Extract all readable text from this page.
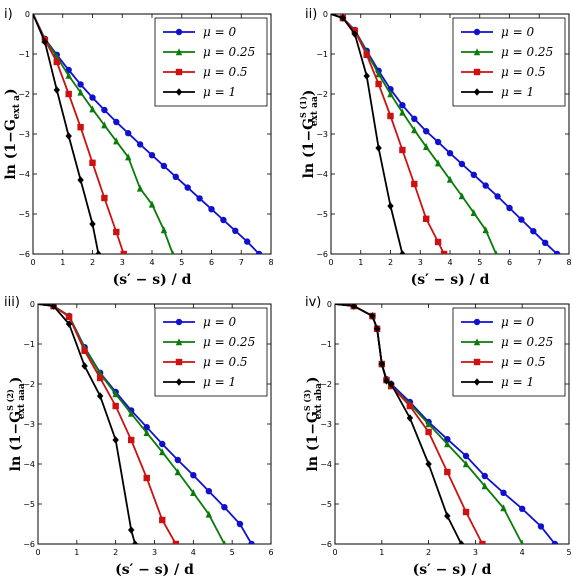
i)
0	1	2	3	4	5	6	7	8
0
−1
−2
−3
−4
−5
−6
(s′ − s) / d
$\ln (1-G_{ext a})$
μ = 0
μ = 0.25
μ = 0.5
μ = 1
ii)
0	1	2	3	4	5	6	7	8
0
−1
−2
−3
−4
−5
−6
(s′ − s) / d
$\ln (1-G^{S (1)}$ ext aa)
μ = 0
μ = 0.25
μ = 0.5
μ = 1
iii)
0	1	2	3	4	5	6
0
−1
−2
−3
−4
−5
−6
(s′ − s) / d
$\ln (1-G^{S (2)}$ ext aaa)
μ = 0
μ = 0.25
μ = 0.5
μ = 1
iv)
0	1	2	3	4	5
0
−1
−2
−3
−4
−5
−6
(s′ − s) / d
$\ln (1-G^{S (3)}$ ext aba)
μ = 0
μ = 0.25
μ = 0.5
μ = 1
